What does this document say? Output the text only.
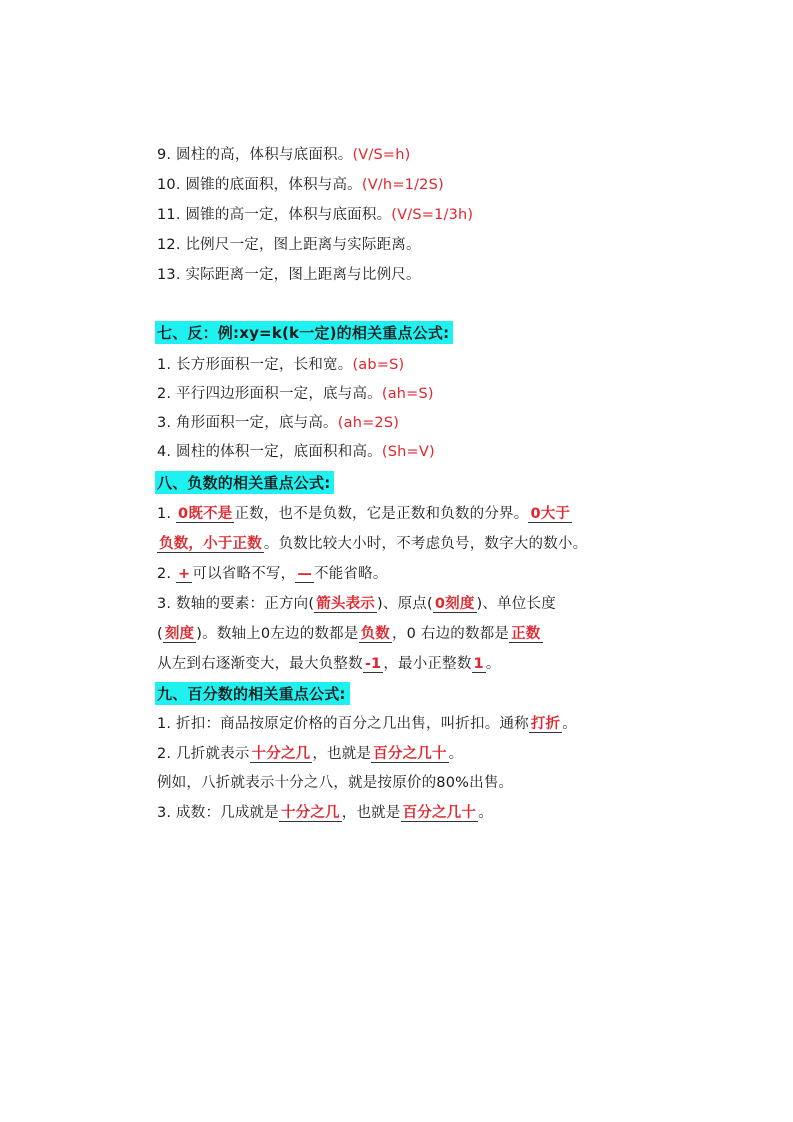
9. 圆柱的高，体积与底面积。(V/S=h)
10. 圆锥的底面积，体积与高。(V/h=1/2S)
11. 圆锥的高一定，体积与底面积。(V/S=1/3h)
12. 比例尺一定，图上距离与实际距离。
13. 实际距离一定，图上距离与比例尺。
七、反：例:xy=k(k一定)的相关重点公式:
1. 长方形面积一定，长和宽。(ab=S)
2. 平行四边形面积一定，底与高。(ah=S)
3. 角形面积一定，底与高。(ah=2S)
4. 圆柱的体积一定，底面积和高。(Sh=V)
八、负数的相关重点公式:
1. 0既不是 正数，也不是负数，它是正数和负数的分界。 0大于
负数，小于正数 。负数比较大小时，不考虑负号，数字大的数小。
2. + 可以省略不写， — 不能省略。
3. 数轴的要素：正方向( 箭头表示 )、原点( 0刻度 )、单位长度
( 刻度 )。数轴上0左边的数都是 负数 ，0 右边的数都是 正数
从左到右逐渐变大，最大负整数 -1 ，最小正整数 1 。
九、百分数的相关重点公式:
1. 折扣：商品按原定价格的百分之几出售，叫折扣。通称 打折 。
2. 几折就表示 十分之几 ，也就是 百分之几十 。
例如，八折就表示十分之八，就是按原价的80%出售。
3. 成数：几成就是 十分之几 ，也就是 百分之几十 。
